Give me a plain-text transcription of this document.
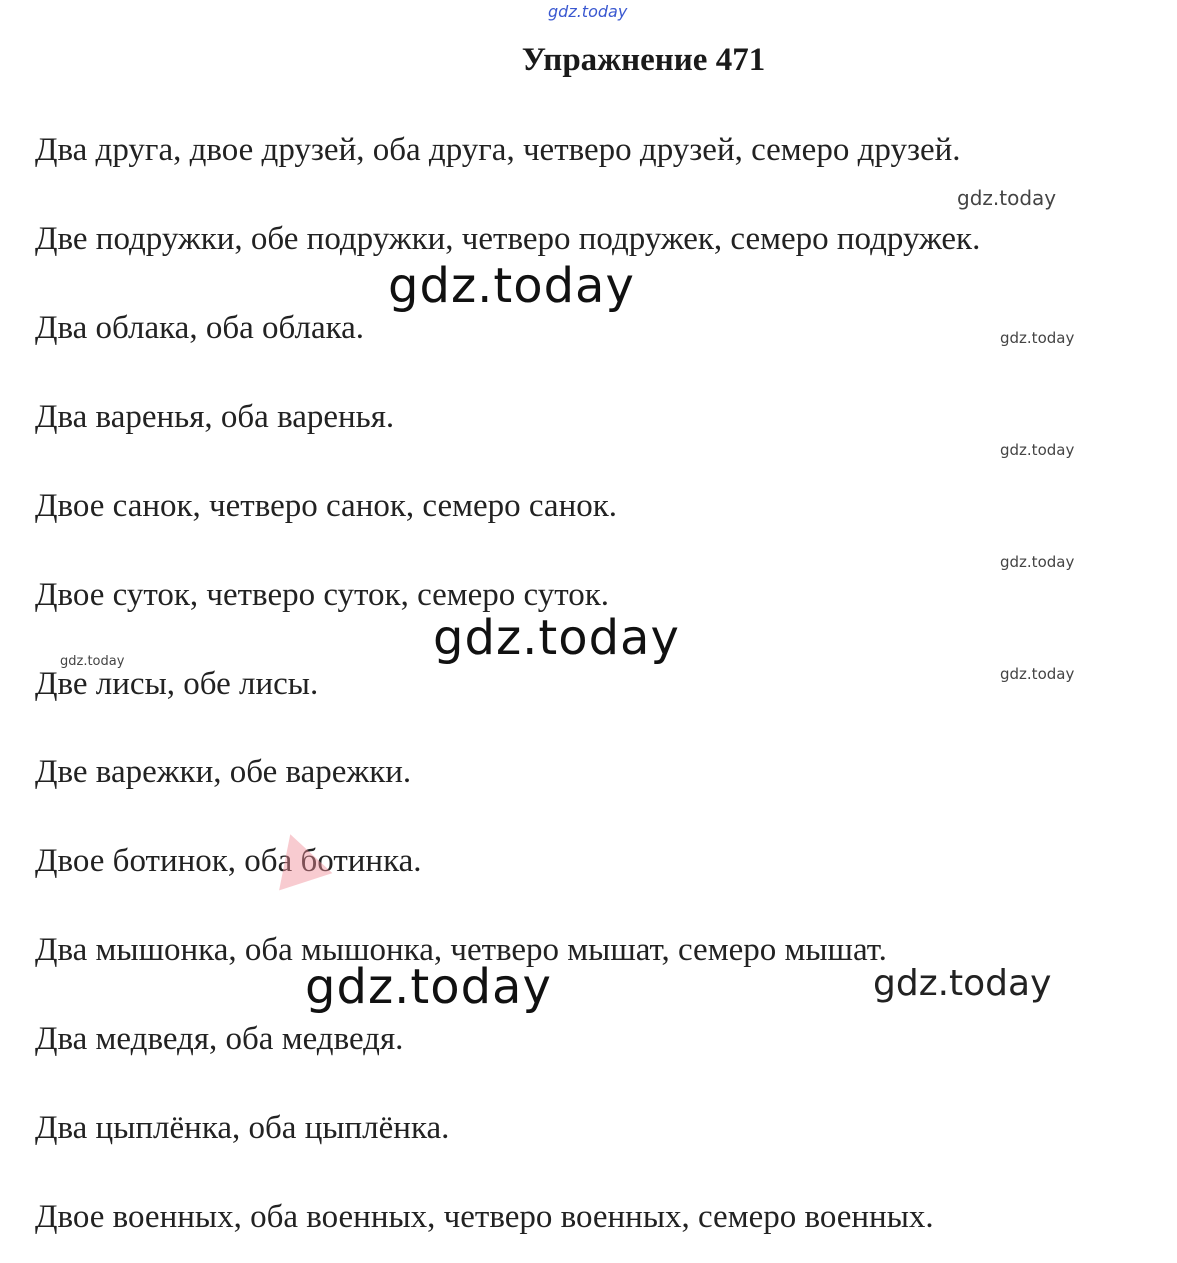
gdz.today
Упражнение 471
Два друга, двое друзей, оба друга, четверо друзей, семеро друзей.
Две подружки, обе подружки, четверо подружек, семеро подружек.
Два облака, оба облака.
Два варенья, оба варенья.
Двое санок, четверо санок, семеро санок.
Двое суток, четверо суток, семеро суток.
Две лисы, обе лисы.
Две варежки, обе варежки.
Двое ботинок, оба ботинка.
Два мышонка, оба мышонка, четверо мышат, семеро мышат.
Два медведя, оба медведя.
Два цыплёнка, оба цыплёнка.
Двое военных, оба военных, четверо военных, семеро военных.
gdz.today
gdz.today
gdz.today
gdz.today
gdz.today
gdz.today
gdz.today
gdz.today
gdz.today	gdz.today
